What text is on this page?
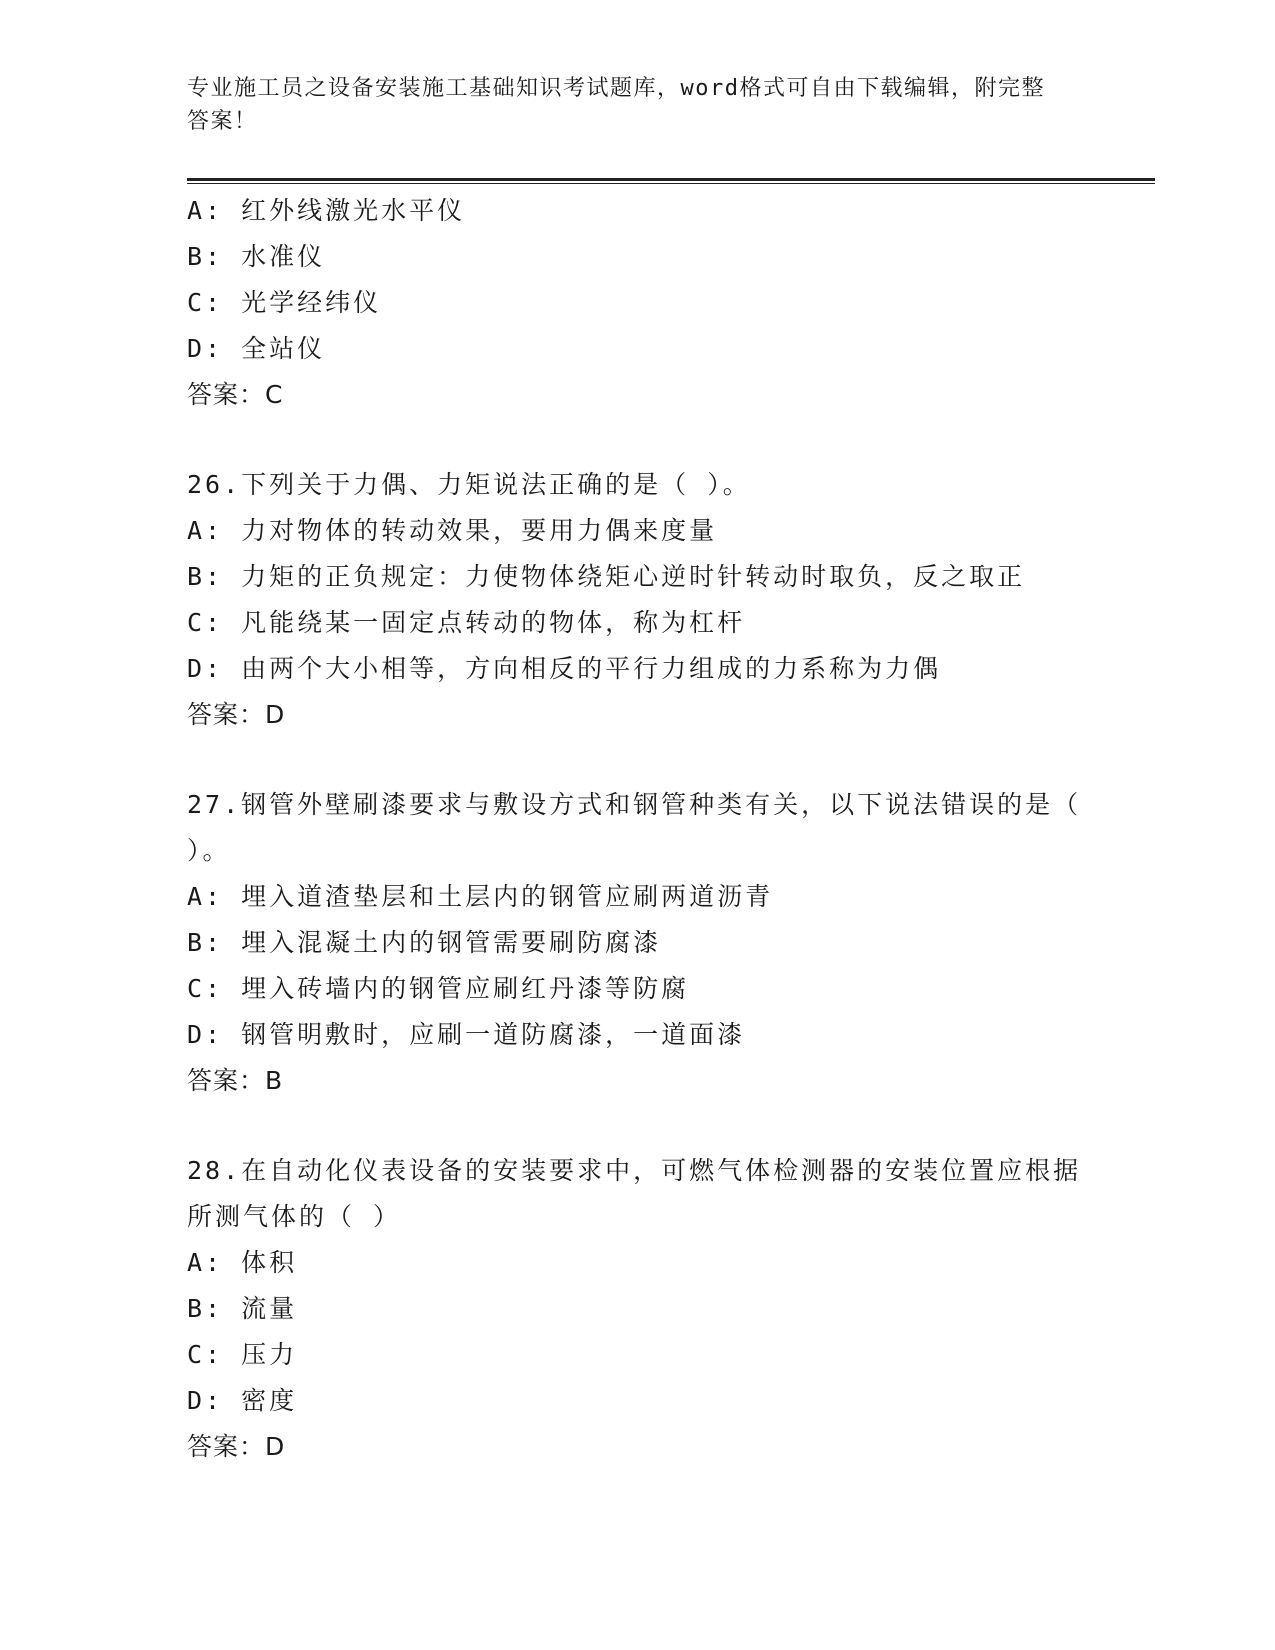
专业施工员之设备安装施工基础知识考试题库，word格式可自由下载编辑，附完整答案！
A: 红外线激光水平仪
B: 水准仪
C: 光学经纬仪
D: 全站仪
答案：C
26.下列关于力偶、力矩说法正确的是（ ）。
A: 力对物体的转动效果，要用力偶来度量
B: 力矩的正负规定：力使物体绕矩心逆时针转动时取负，反之取正
C: 凡能绕某一固定点转动的物体，称为杠杆
D: 由两个大小相等，方向相反的平行力组成的力系称为力偶
答案：D
27.钢管外壁刷漆要求与敷设方式和钢管种类有关，以下说法错误的是（ ）。
A: 埋入道渣垫层和土层内的钢管应刷两道沥青
B: 埋入混凝土内的钢管需要刷防腐漆
C: 埋入砖墙内的钢管应刷红丹漆等防腐
D: 钢管明敷时，应刷一道防腐漆，一道面漆
答案：B
28.在自动化仪表设备的安装要求中，可燃气体检测器的安装位置应根据所测气体的（ ）
A: 体积
B: 流量
C: 压力
D: 密度
答案：D
